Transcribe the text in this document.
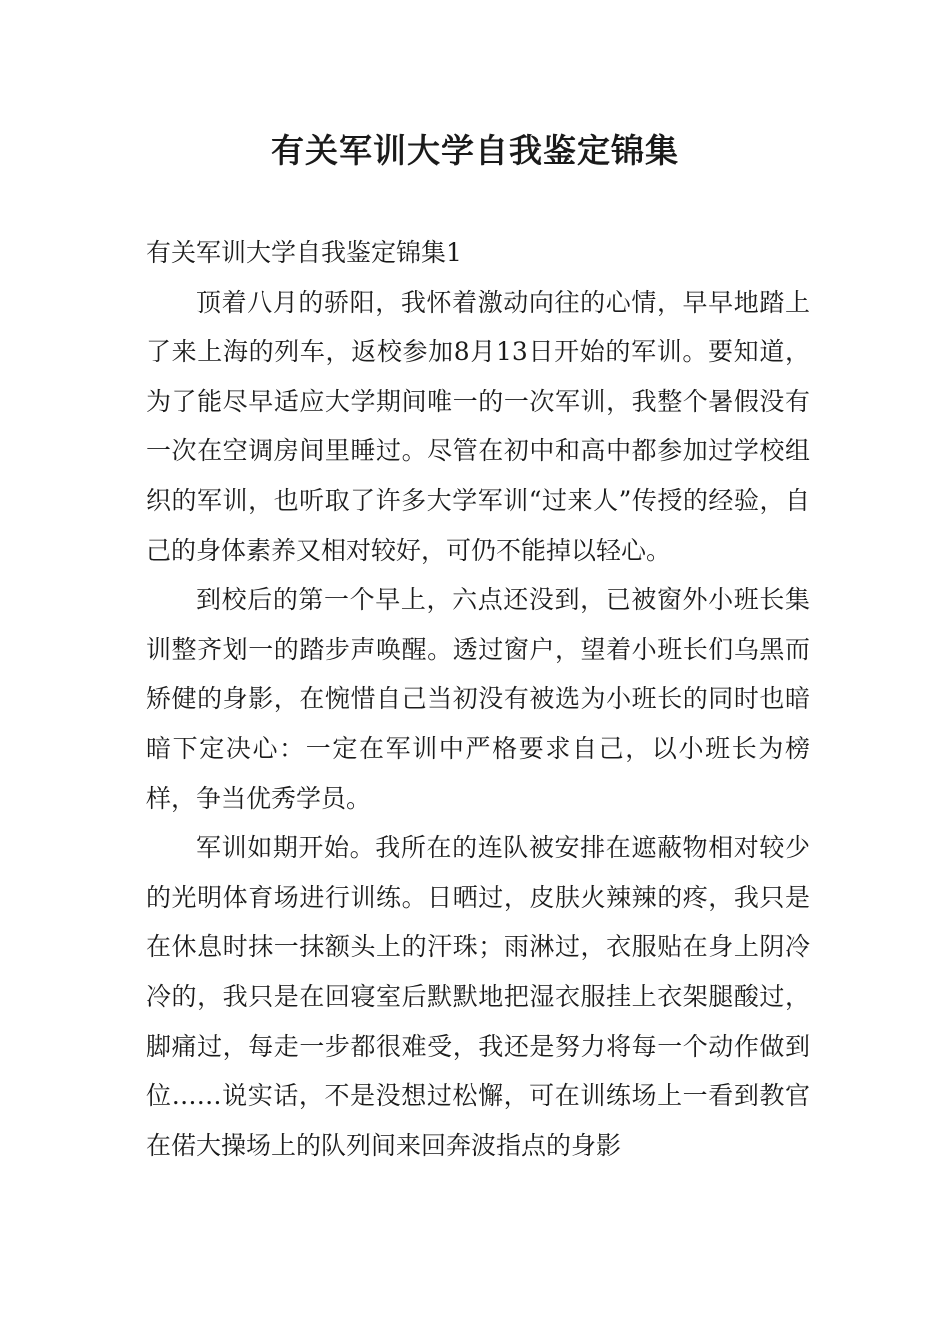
有关军训大学自我鉴定锦集

有关军训大学自我鉴定锦集1

顶着八月的骄阳，我怀着激动向往的心情，早早地踏上了来上海的列车，返校参加8月13日开始的军训。要知道，为了能尽早适应大学期间唯一的一次军训，我整个暑假没有一次在空调房间里睡过。尽管在初中和高中都参加过学校组织的军训，也听取了许多大学军训“过来人”传授的经验，自己的身体素养又相对较好，可仍不能掉以轻心。

到校后的第一个早上，六点还没到，已被窗外小班长集训整齐划一的踏步声唤醒。透过窗户，望着小班长们乌黑而矫健的身影，在惋惜自己当初没有被选为小班长的同时也暗暗下定决心：一定在军训中严格要求自己，以小班长为榜样，争当优秀学员。

军训如期开始。我所在的连队被安排在遮蔽物相对较少的光明体育场进行训练。日晒过，皮肤火辣辣的疼，我只是在休息时抹一抹额头上的汗珠；雨淋过，衣服贴在身上阴冷冷的，我只是在回寝室后默默地把湿衣服挂上衣架腿酸过，脚痛过，每走一步都很难受，我还是努力将每一个动作做到位……说实话，不是没想过松懈，可在训练场上一看到教官在偌大操场上的队列间来回奔波指点的身影
